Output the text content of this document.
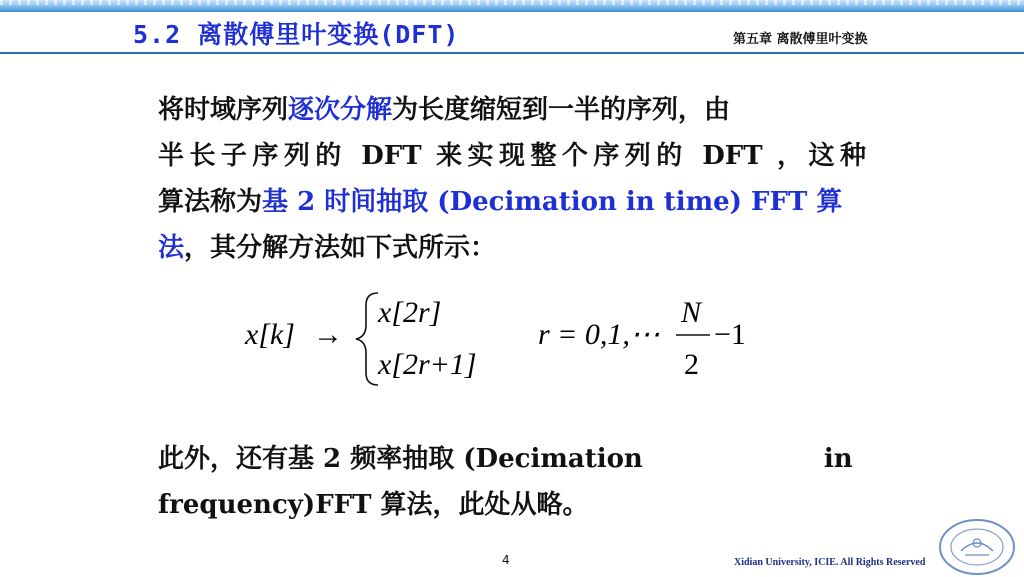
5.2 离散傅里叶变换(DFT)	第五章 离散傅里叶变换
将时域序列逐次分解为长度缩短到一半的序列，由
半长子序列的 DFT 来实现整个序列的 DFT ，这种
算法称为基 2 时间抽取 (Decimation in time) FFT 算
法，其分解方法如下式所示：
x[k] →
x[2r]
x[2r+1]
r = 0,1,⋯
N
2
−1
此外，还有基 2 频率抽取 (Decimation                    in
frequency)FFT 算法，此处从略。
4	Xidian University, ICIE. All Rights Reserved
